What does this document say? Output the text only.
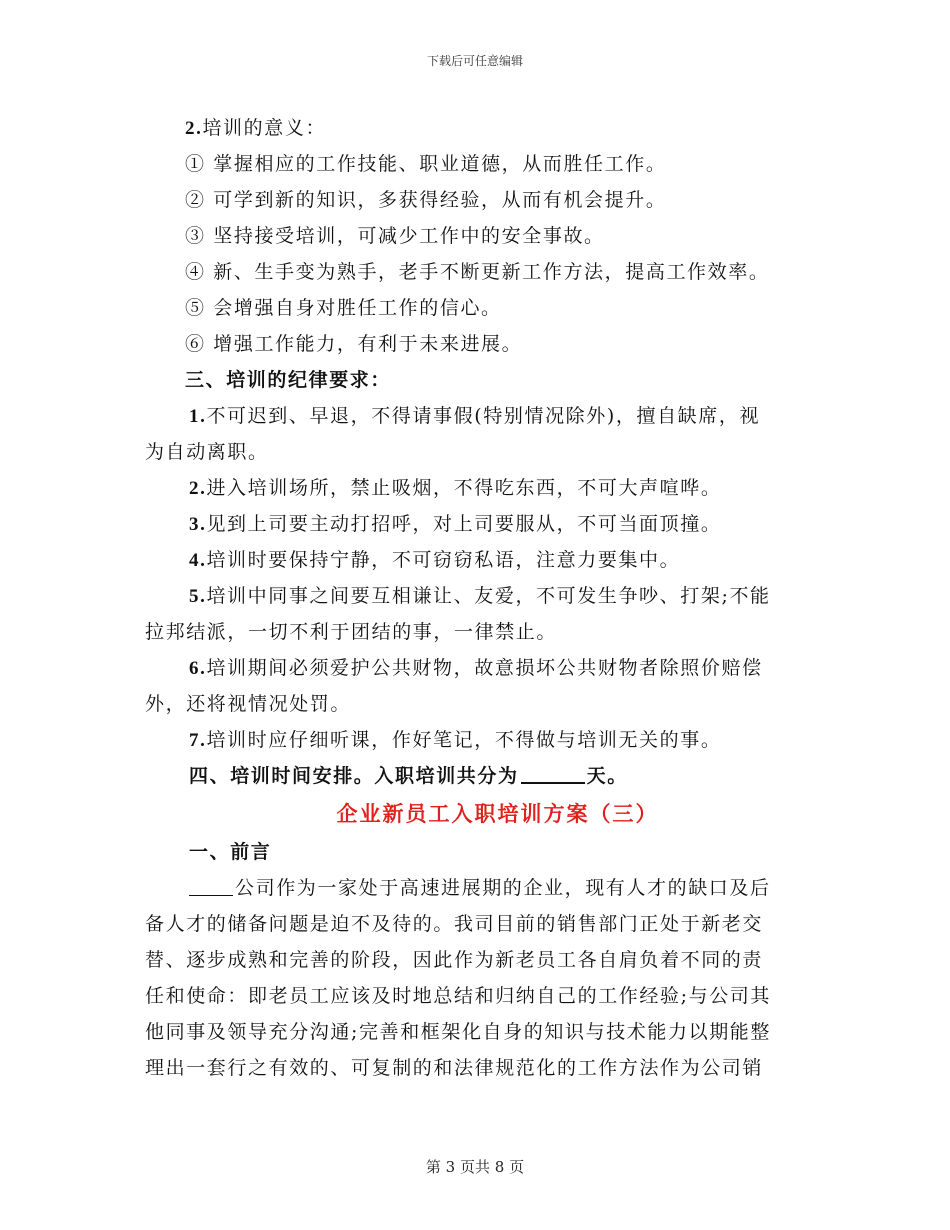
下载后可任意编辑
2.培训的意义：
① 掌握相应的工作技能、职业道德，从而胜任工作。
② 可学到新的知识，多获得经验，从而有机会提升。
③ 坚持接受培训，可减少工作中的安全事故。
④ 新、生手变为熟手，老手不断更新工作方法，提高工作效率。
⑤ 会增强自身对胜任工作的信心。
⑥ 增强工作能力，有利于未来进展。
三、培训的纪律要求：
1.不可迟到、早退，不得请事假(特别情况除外)，擅自缺席，视
为自动离职。
2.进入培训场所，禁止吸烟，不得吃东西，不可大声喧哗。
3.见到上司要主动打招呼，对上司要服从，不可当面顶撞。
4.培训时要保持宁静，不可窃窃私语，注意力要集中。
5.培训中同事之间要互相谦让、友爱，不可发生争吵、打架;不能
拉邦结派，一切不利于团结的事，一律禁止。
6.培训期间必须爱护公共财物，故意损坏公共财物者除照价赔偿
外，还将视情况处罚。
7.培训时应仔细听课，作好笔记，不得做与培训无关的事。
四、培训时间安排。入职培训共分为	天。
企业新员工入职培训方案（三）
一、前言
公司作为一家处于高速进展期的企业，现有人才的缺口及后
备人才的储备问题是迫不及待的。我司目前的销售部门正处于新老交
替、逐步成熟和完善的阶段，因此作为新老员工各自肩负着不同的责
任和使命：即老员工应该及时地总结和归纳自己的工作经验;与公司其
他同事及领导充分沟通;完善和框架化自身的知识与技术能力以期能整
理出一套行之有效的、可复制的和法律规范化的工作方法作为公司销
第 3 页共 8 页
